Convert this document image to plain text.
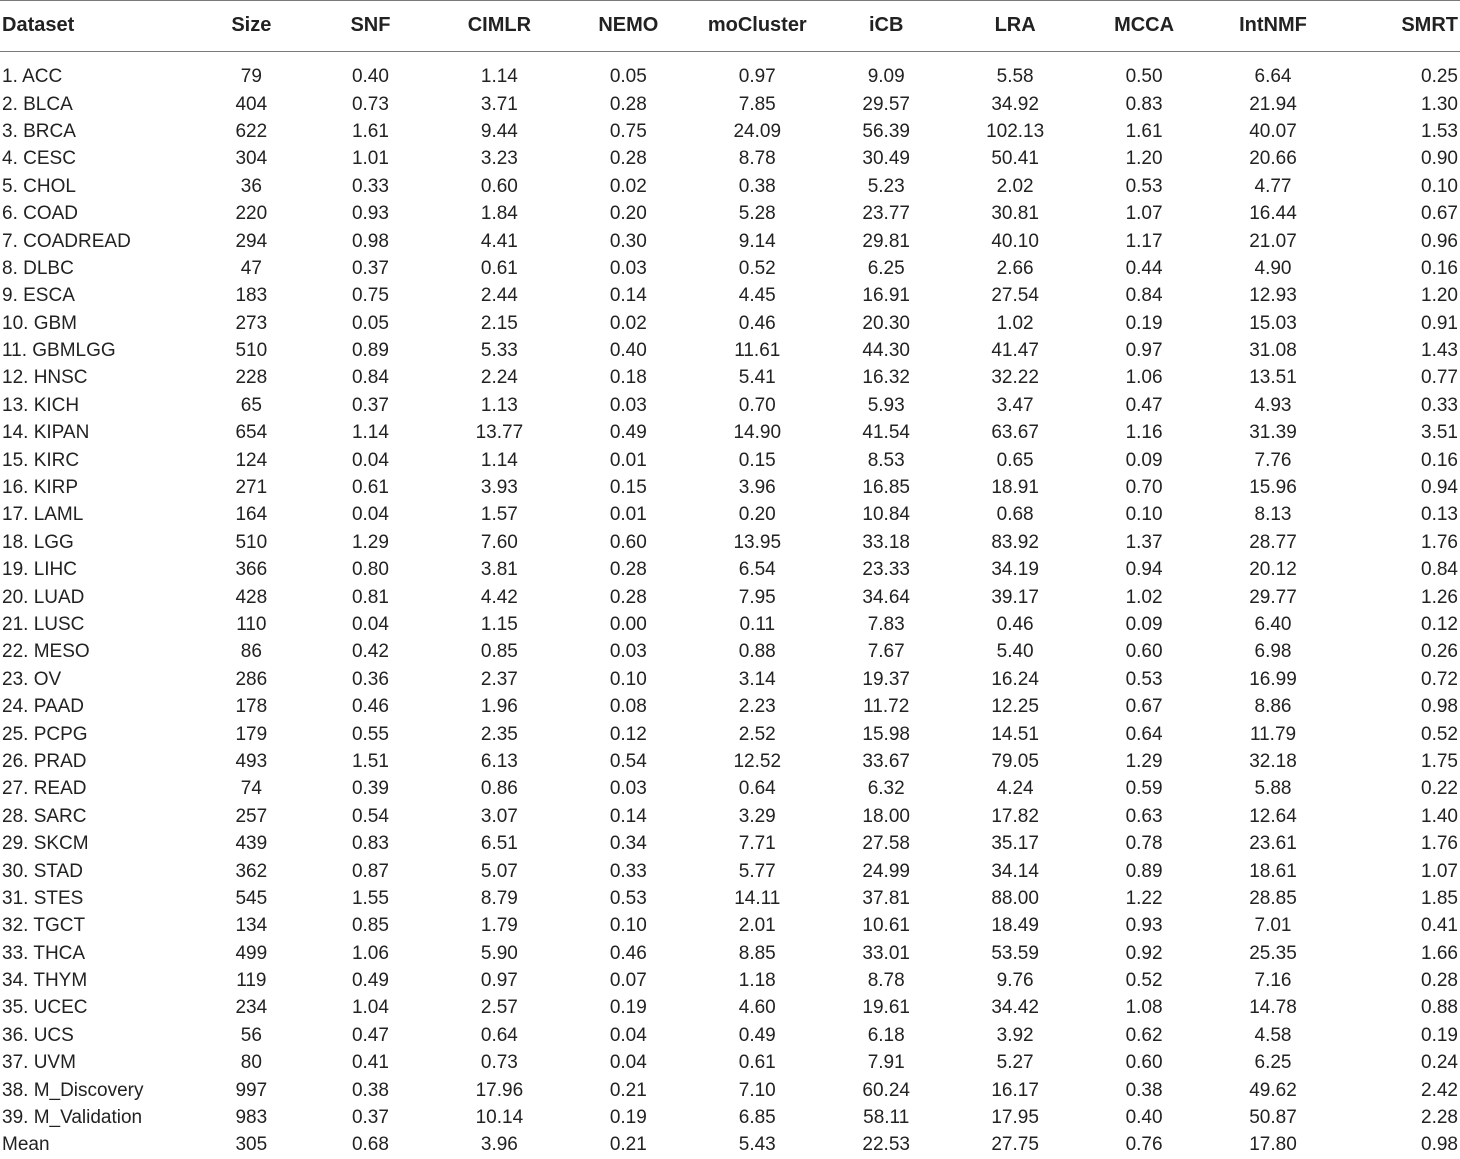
Dataset	Size	SNF	CIMLR	NEMO	moCluster	iCB	LRA	MCCA	IntNMF	SMRT
1. ACC	79	0.40	1.14	0.05	0.97	9.09	5.58	0.50	6.64	0.25
2. BLCA	404	0.73	3.71	0.28	7.85	29.57	34.92	0.83	21.94	1.30
3. BRCA	622	1.61	9.44	0.75	24.09	56.39	102.13	1.61	40.07	1.53
4. CESC	304	1.01	3.23	0.28	8.78	30.49	50.41	1.20	20.66	0.90
5. CHOL	36	0.33	0.60	0.02	0.38	5.23	2.02	0.53	4.77	0.10
6. COAD	220	0.93	1.84	0.20	5.28	23.77	30.81	1.07	16.44	0.67
7. COADREAD	294	0.98	4.41	0.30	9.14	29.81	40.10	1.17	21.07	0.96
8. DLBC	47	0.37	0.61	0.03	0.52	6.25	2.66	0.44	4.90	0.16
9. ESCA	183	0.75	2.44	0.14	4.45	16.91	27.54	0.84	12.93	1.20
10. GBM	273	0.05	2.15	0.02	0.46	20.30	1.02	0.19	15.03	0.91
11. GBMLGG	510	0.89	5.33	0.40	11.61	44.30	41.47	0.97	31.08	1.43
12. HNSC	228	0.84	2.24	0.18	5.41	16.32	32.22	1.06	13.51	0.77
13. KICH	65	0.37	1.13	0.03	0.70	5.93	3.47	0.47	4.93	0.33
14. KIPAN	654	1.14	13.77	0.49	14.90	41.54	63.67	1.16	31.39	3.51
15. KIRC	124	0.04	1.14	0.01	0.15	8.53	0.65	0.09	7.76	0.16
16. KIRP	271	0.61	3.93	0.15	3.96	16.85	18.91	0.70	15.96	0.94
17. LAML	164	0.04	1.57	0.01	0.20	10.84	0.68	0.10	8.13	0.13
18. LGG	510	1.29	7.60	0.60	13.95	33.18	83.92	1.37	28.77	1.76
19. LIHC	366	0.80	3.81	0.28	6.54	23.33	34.19	0.94	20.12	0.84
20. LUAD	428	0.81	4.42	0.28	7.95	34.64	39.17	1.02	29.77	1.26
21. LUSC	110	0.04	1.15	0.00	0.11	7.83	0.46	0.09	6.40	0.12
22. MESO	86	0.42	0.85	0.03	0.88	7.67	5.40	0.60	6.98	0.26
23. OV	286	0.36	2.37	0.10	3.14	19.37	16.24	0.53	16.99	0.72
24. PAAD	178	0.46	1.96	0.08	2.23	11.72	12.25	0.67	8.86	0.98
25. PCPG	179	0.55	2.35	0.12	2.52	15.98	14.51	0.64	11.79	0.52
26. PRAD	493	1.51	6.13	0.54	12.52	33.67	79.05	1.29	32.18	1.75
27. READ	74	0.39	0.86	0.03	0.64	6.32	4.24	0.59	5.88	0.22
28. SARC	257	0.54	3.07	0.14	3.29	18.00	17.82	0.63	12.64	1.40
29. SKCM	439	0.83	6.51	0.34	7.71	27.58	35.17	0.78	23.61	1.76
30. STAD	362	0.87	5.07	0.33	5.77	24.99	34.14	0.89	18.61	1.07
31. STES	545	1.55	8.79	0.53	14.11	37.81	88.00	1.22	28.85	1.85
32. TGCT	134	0.85	1.79	0.10	2.01	10.61	18.49	0.93	7.01	0.41
33. THCA	499	1.06	5.90	0.46	8.85	33.01	53.59	0.92	25.35	1.66
34. THYM	119	0.49	0.97	0.07	1.18	8.78	9.76	0.52	7.16	0.28
35. UCEC	234	1.04	2.57	0.19	4.60	19.61	34.42	1.08	14.78	0.88
36. UCS	56	0.47	0.64	0.04	0.49	6.18	3.92	0.62	4.58	0.19
37. UVM	80	0.41	0.73	0.04	0.61	7.91	5.27	0.60	6.25	0.24
38. M_Discovery	997	0.38	17.96	0.21	7.10	60.24	16.17	0.38	49.62	2.42
39. M_Validation	983	0.37	10.14	0.19	6.85	58.11	17.95	0.40	50.87	2.28
Mean	305	0.68	3.96	0.21	5.43	22.53	27.75	0.76	17.80	0.98
